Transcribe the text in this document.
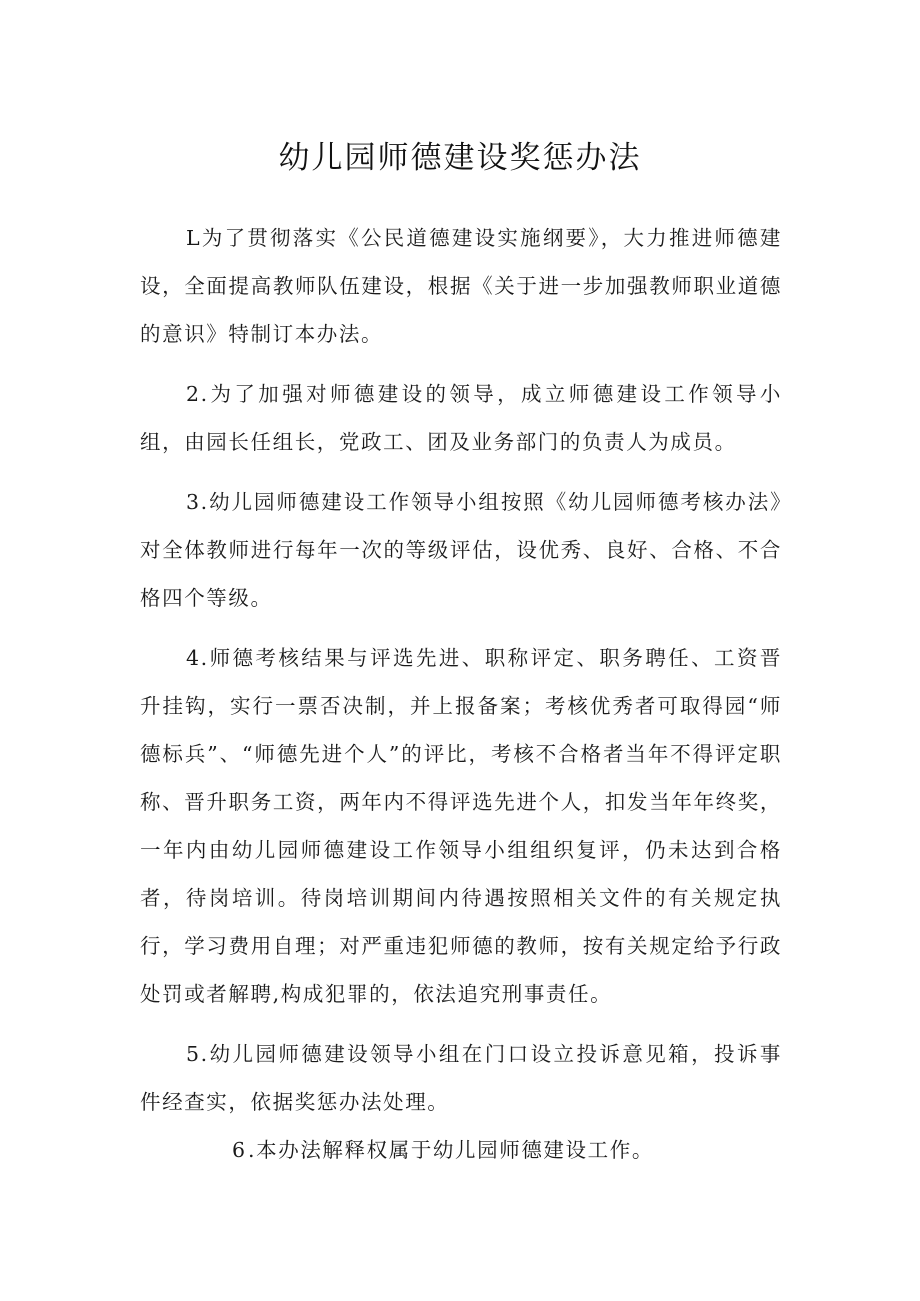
幼儿园师德建设奖惩办法

L为了贯彻落实《公民道德建设实施纲要》，大力推进师德建设，全面提高教师队伍建设，根据《关于进一步加强教师职业道德的意识》特制订本办法。

2.为了加强对师德建设的领导，成立师德建设工作领导小组，由园长任组长，党政工、团及业务部门的负责人为成员。

3.幼儿园师德建设工作领导小组按照《幼儿园师德考核办法》对全体教师进行每年一次的等级评估，设优秀、良好、合格、不合格四个等级。

4.师德考核结果与评选先进、职称评定、职务聘任、工资晋升挂钩，实行一票否决制，并上报备案；考核优秀者可取得园“师德标兵”、“师德先进个人”的评比，考核不合格者当年不得评定职称、晋升职务工资，两年内不得评选先进个人，扣发当年年终奖，一年内由幼儿园师德建设工作领导小组组织复评，仍未达到合格者，待岗培训。待岗培训期间内待遇按照相关文件的有关规定执行，学习费用自理；对严重违犯师德的教师，按有关规定给予行政处罚或者解聘,构成犯罪的，依法追究刑事责任。

5.幼儿园师德建设领导小组在门口设立投诉意见箱，投诉事件经查实，依据奖惩办法处理。

6.本办法解释权属于幼儿园师德建设工作。
